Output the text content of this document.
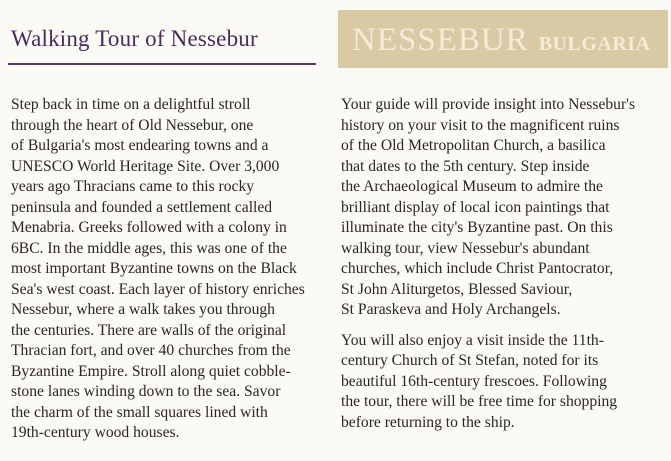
Walking Tour of Nessebur	NESSEBUR BULGARIA
Step back in time on a delightful stroll
through the heart of Old Nessebur, one
of Bulgaria's most endearing towns and a
UNESCO World Heritage Site. Over 3,000
years ago Thracians came to this rocky
peninsula and founded a settlement called
Menabria. Greeks followed with a colony in
6BC. In the middle ages, this was one of the
most important Byzantine towns on the Black
Sea's west coast. Each layer of history enriches
Nessebur, where a walk takes you through
the centuries. There are walls of the original
Thracian fort, and over 40 churches from the
Byzantine Empire. Stroll along quiet cobble-
stone lanes winding down to the sea. Savor
the charm of the small squares lined with
19th-century wood houses.
Your guide will provide insight into Nessebur's
history on your visit to the magnificent ruins
of the Old Metropolitan Church, a basilica
that dates to the 5th century. Step inside
the Archaeological Museum to admire the
brilliant display of local icon paintings that
illuminate the city's Byzantine past. On this
walking tour, view Nessebur's abundant
churches, which include Christ Pantocrator,
St John Aliturgetos, Blessed Saviour,
St Paraskeva and Holy Archangels.
You will also enjoy a visit inside the 11th-
century Church of St Stefan, noted for its
beautiful 16th-century frescoes. Following
the tour, there will be free time for shopping
before returning to the ship.
